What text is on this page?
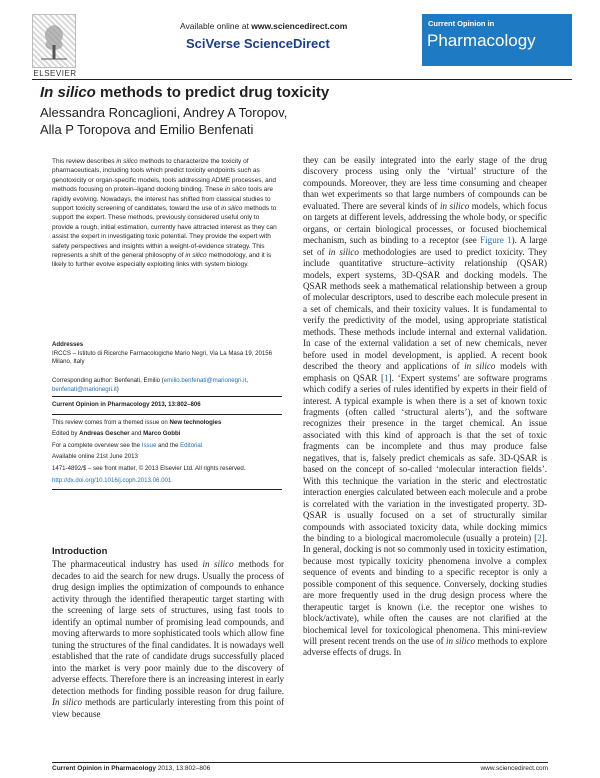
ELSEVIER
Available online at www.sciencedirect.com
SciVerse ScienceDirect
Current Opinion in
Pharmacology
In silico methods to predict drug toxicity
Alessandra Roncaglioni, Andrey A Toropov,
Alla P Toropova and Emilio Benfenati
This review describes in silico methods to characterize the toxicity of pharmaceuticals, including tools which predict toxicity endpoints such as genotoxicity or organ-specific models, tools addressing ADME processes, and methods focusing on protein–ligand docking binding. These in silico tools are rapidly evolving. Nowadays, the interest has shifted from classical studies to support toxicity screening of candidates, toward the use of in silico methods to support the expert. These methods, previously considered useful only to provide a rough, initial estimation, currently have attracted interest as they can assist the expert in investigating toxic potential. They provide the expert with safety perspectives and insights within a weight-of-evidence strategy. This represents a shift of the general philosophy of in silico methodology, and it is likely to further evolve especially exploiting links with system biology.
Addresses
IRCCS – Istituto di Ricerche Farmacologiche Mario Negri, Via La Masa 19, 20156 Milano, Italy
Corresponding author: Benfenati, Emilio (emilio.benfenati@marionegri.it, benfenati@marionegri.it)
Current Opinion in Pharmacology 2013, 13:802–806
This review comes from a themed issue on New technologies
Edited by Andreas Gescher and Marco Gobbi
For a complete overview see the Issue and the Editorial
Available online 21st June 2013
1471-4892/$ – see front matter, © 2013 Elsevier Ltd. All rights reserved.
http://dx.doi.org/10.1016/j.coph.2013.06.001
Introduction
The pharmaceutical industry has used in silico methods for decades to aid the search for new drugs. Usually the process of drug design implies the optimization of compounds to enhance activity through the identified therapeutic target starting with the screening of large sets of structures, using fast tools to identify an optimal number of promising lead compounds, and moving afterwards to more sophisticated tools which allow fine tuning the structures of the final candidates. It is nowadays well established that the rate of candidate drugs successfully placed into the market is very poor mainly due to the discovery of adverse effects. Therefore there is an increasing interest in early detection methods for finding possible reason for drug failure. In silico methods are particularly interesting from this point of view because
they can be easily integrated into the early stage of the drug discovery process using only the ‘virtual’ structure of the compounds. Moreover, they are less time consuming and cheaper than wet experiments so that large numbers of compounds can be evaluated. There are several kinds of in silico models, which focus on targets at different levels, addressing the whole body, or specific organs, or certain biological processes, or focused biochemical mechanism, such as binding to a receptor (see Figure 1). A large set of in silico methodologies are used to predict toxicity. They include quantitative structure–activity relationship (QSAR) models, expert systems, 3D-QSAR and docking models. The QSAR methods seek a mathematical relationship between a group of molecular descriptors, used to describe each molecule present in a set of chemicals, and their toxicity values. It is fundamental to verify the predictivity of the model, using appropriate statistical methods. These methods include internal and external validation. In case of the external validation a set of new chemicals, never before used in model development, is applied. A recent book described the theory and applications of in silico models with emphasis on QSAR [1]. ‘Expert systems’ are software programs which codify a series of rules identified by experts in their field of interest. A typical example is when there is a set of known toxic fragments (often called ‘structural alerts’), and the software recognizes their presence in the target chemical. An issue associated with this kind of approach is that the set of toxic fragments can be incomplete and thus may produce false negatives, that is, falsely predict chemicals as safe. 3D-QSAR is based on the concept of so-called ‘molecular interaction fields’. With this technique the variation in the steric and electrostatic interaction energies calculated between each molecule and a probe is correlated with the variation in the investigated property. 3D-QSAR is usually focused on a set of structurally similar compounds with associated toxicity data, while docking mimics the binding to a biological macromolecule (usually a protein) [2]. In general, docking is not so commonly used in toxicity estimation, because most typically toxicity phenomena involve a complex sequence of events and binding to a specific receptor is only a possible component of this sequence. Conversely, docking studies are more frequently used in the drug design process where the therapeutic target is known (i.e. the receptor one wishes to block/activate), while often the causes are not clarified at the biochemical level for toxicological phenomena. This mini-review will present recent trends on the use of in silico methods to explore adverse effects of drugs. In
Current Opinion in Pharmacology 2013, 13:802–806	www.sciencedirect.com
